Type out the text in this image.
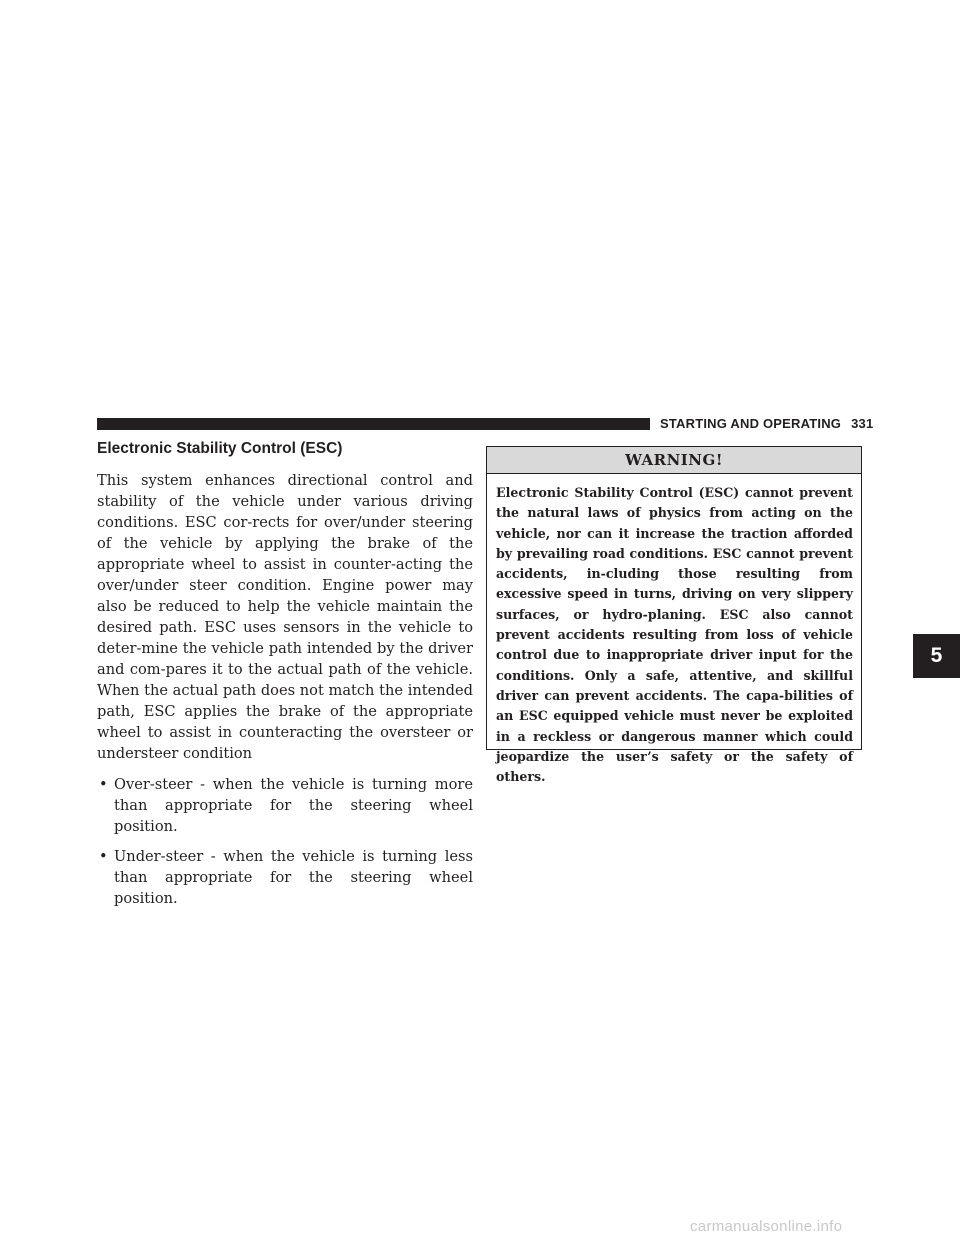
STARTING AND OPERATING 331
Electronic Stability Control (ESC)

This system enhances directional control and stability of the vehicle under various driving conditions. ESC cor-rects for over/under steering of the vehicle by applying the brake of the appropriate wheel to assist in counter-acting the over/under steer condition. Engine power may also be reduced to help the vehicle maintain the desired path. ESC uses sensors in the vehicle to deter-mine the vehicle path intended by the driver and com-pares it to the actual path of the vehicle. When the actual path does not match the intended path, ESC applies the brake of the appropriate wheel to assist in counteracting the oversteer or understeer condition

• Over-steer - when the vehicle is turning more than appropriate for the steering wheel position.
• Under-steer - when the vehicle is turning less than appropriate for the steering wheel position.
WARNING!
Electronic Stability Control (ESC) cannot prevent the natural laws of physics from acting on the vehicle, nor can it increase the traction afforded by prevailing road conditions. ESC cannot prevent accidents, in-cluding those resulting from excessive speed in turns, driving on very slippery surfaces, or hydro-planing. ESC also cannot prevent accidents resulting from loss of vehicle control due to inappropriate driver input for the conditions. Only a safe, attentive, and skillful driver can prevent accidents. The capa-bilities of an ESC equipped vehicle must never be exploited in a reckless or dangerous manner which could jeopardize the user’s safety or the safety of others.
5
carmanualsonline.info
